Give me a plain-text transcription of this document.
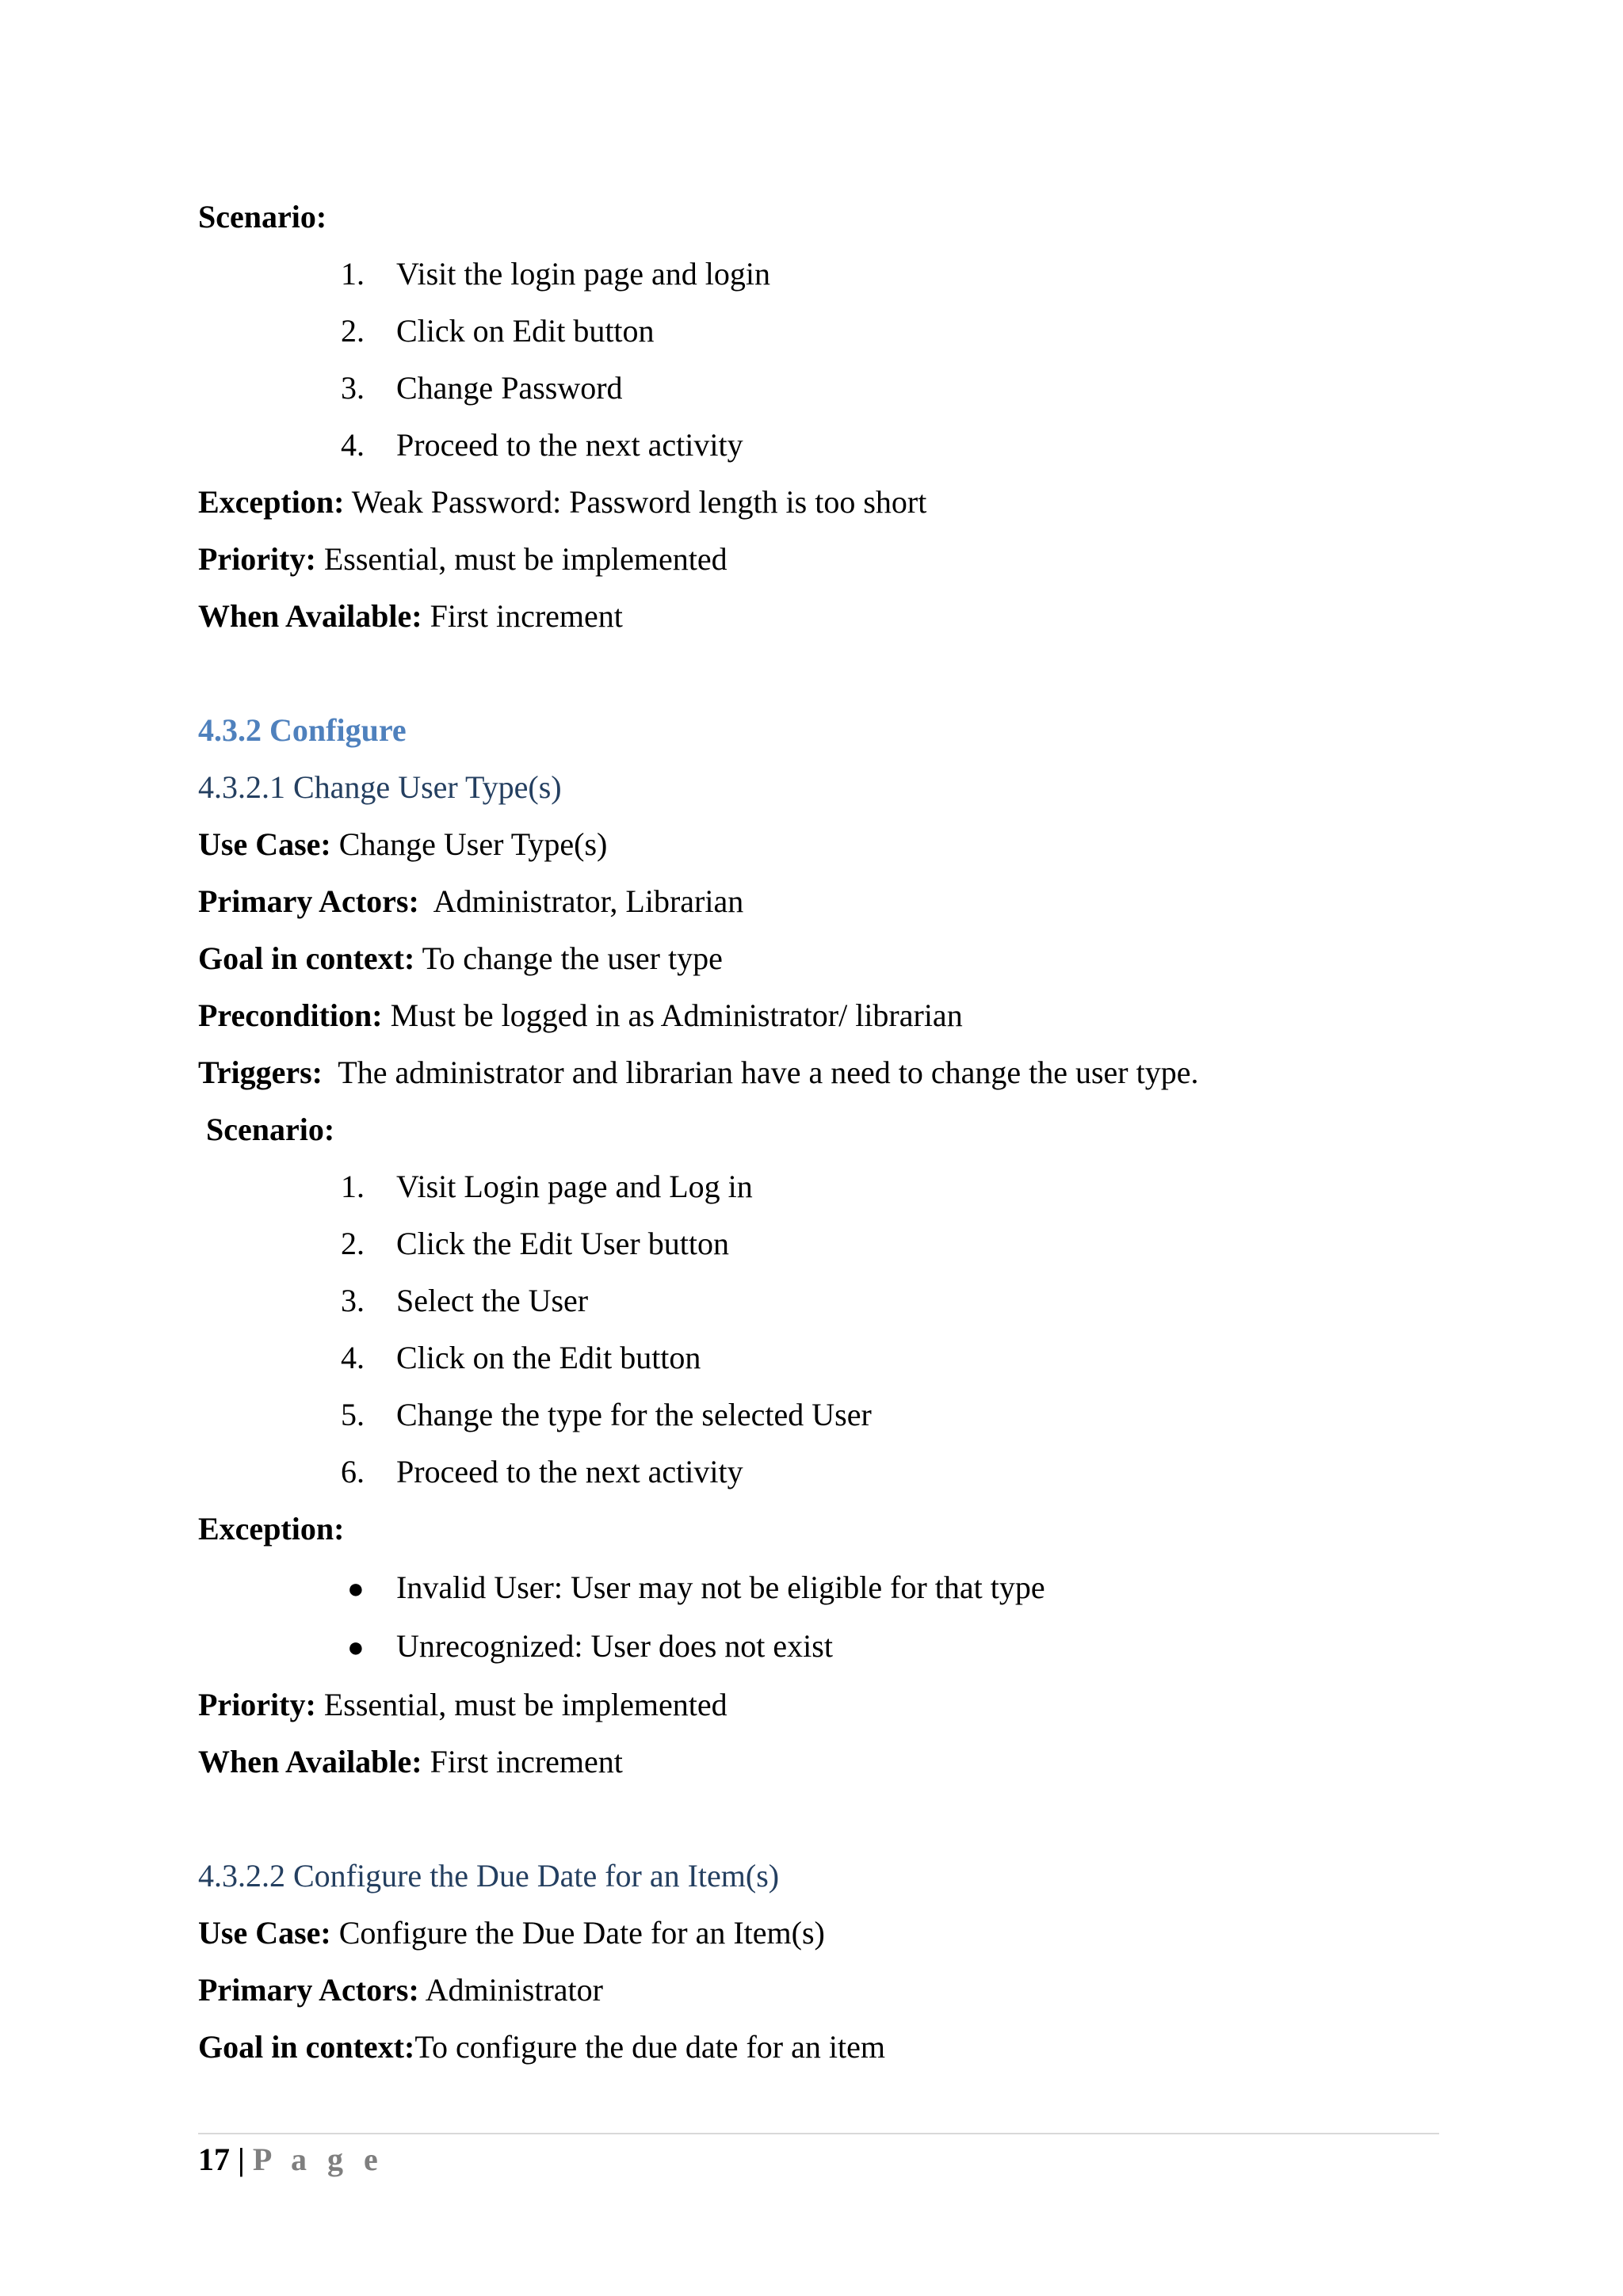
Scenario:
1. Visit the login page and login
2. Click on Edit button
3. Change Password
4. Proceed to the next activity
Exception: Weak Password: Password length is too short
Priority: Essential, must be implemented
When Available: First increment
4.3.2 Configure
4.3.2.1 Change User Type(s)
Use Case: Change User Type(s)
Primary Actors: Administrator, Librarian
Goal in context: To change the user type
Precondition: Must be logged in as Administrator/ librarian
Triggers: The administrator and librarian have a need to change the user type.
Scenario:
1. Visit Login page and Log in
2. Click the Edit User button
3. Select the User
4. Click on the Edit button
5. Change the type for the selected User
6. Proceed to the next activity
Exception:
● Invalid User: User may not be eligible for that type
● Unrecognized: User does not exist
Priority: Essential, must be implemented
When Available: First increment
4.3.2.2 Configure the Due Date for an Item(s)
Use Case: Configure the Due Date for an Item(s)
Primary Actors: Administrator
Goal in context:To configure the due date for an item
17 | P a g e
